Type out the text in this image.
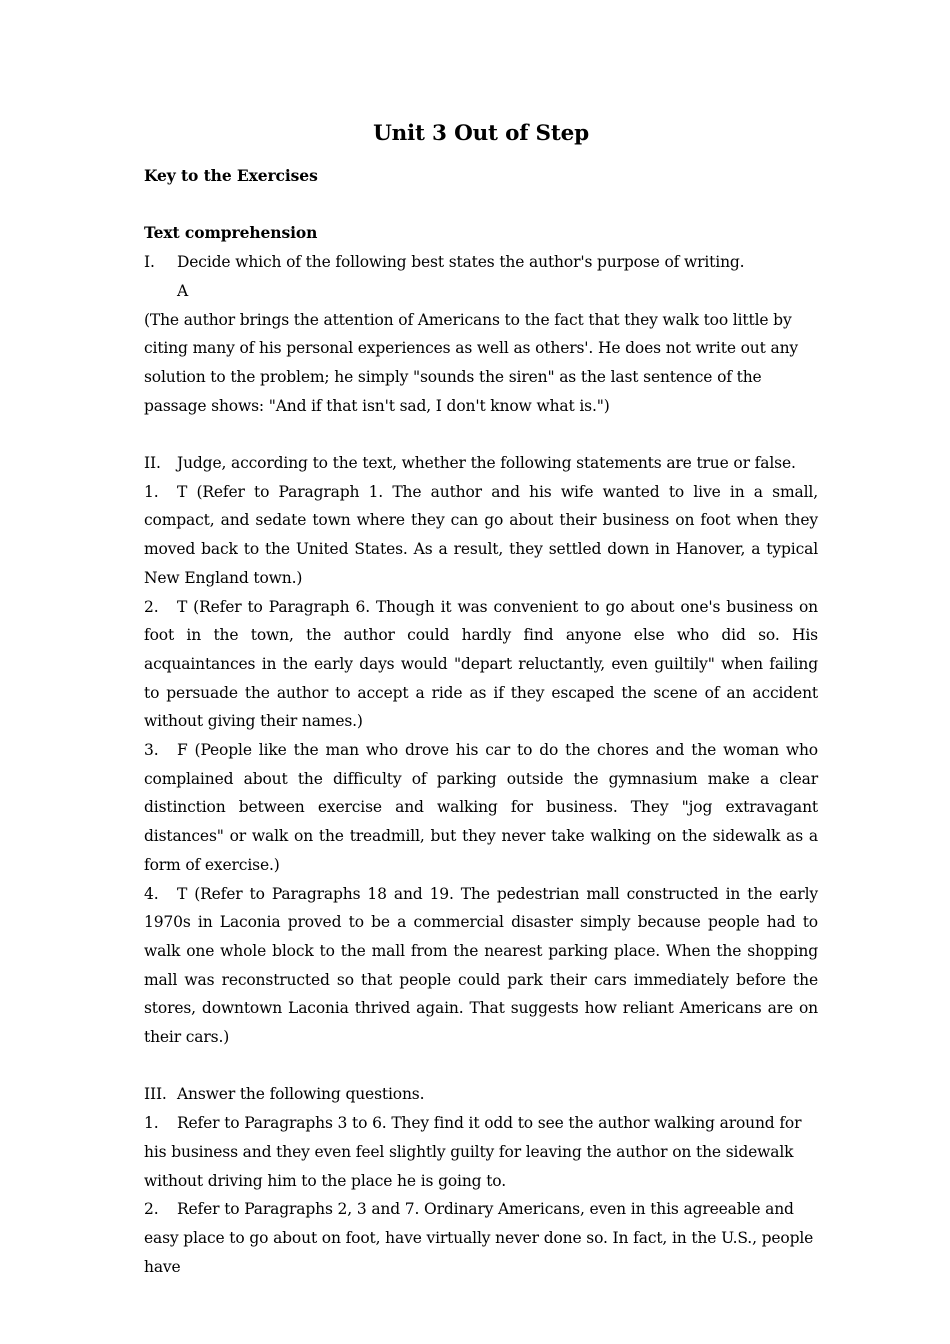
Unit 3 Out of Step
Key to the Exercises
Text comprehension
I. Decide which of the following best states the author's purpose of writing.
A

(The author brings the attention of Americans to the fact that they walk too little by citing many of his personal experiences as well as others'. He does not write out any solution to the problem; he simply "sounds the siren" as the last sentence of the passage shows: "And if that isn't sad, I don't know what is.")

II. Judge, according to the text, whether the following statements are true or false.

1. T (Refer to Paragraph 1. The author and his wife wanted to live in a small, compact, and sedate town where they can go about their business on foot when they moved back to the United States. As a result, they settled down in Hanover, a typical New England town.)

2. T (Refer to Paragraph 6. Though it was convenient to go about one's business on foot in the town, the author could hardly find anyone else who did so. His acquaintances in the early days would "depart reluctantly, even guiltily" when failing to persuade the author to accept a ride as if they escaped the scene of an accident without giving their names.)

3. F (People like the man who drove his car to do the chores and the woman who complained about the difficulty of parking outside the gymnasium make a clear distinction between exercise and walking for business. They "jog extravagant distances" or walk on the treadmill, but they never take walking on the sidewalk as a form of exercise.)

4. T (Refer to Paragraphs 18 and 19. The pedestrian mall constructed in the early 1970s in Laconia proved to be a commercial disaster simply because people had to walk one whole block to the mall from the nearest parking place. When the shopping mall was reconstructed so that people could park their cars immediately before the stores, downtown Laconia thrived again. That suggests how reliant Americans are on their cars.)

III. Answer the following questions.

1. Refer to Paragraphs 3 to 6. They find it odd to see the author walking around for his business and they even feel slightly guilty for leaving the author on the sidewalk without driving him to the place he is going to.

2. Refer to Paragraphs 2, 3 and 7. Ordinary Americans, even in this agreeable and easy place to go about on foot, have virtually never done so. In fact, in the U.S., people have
